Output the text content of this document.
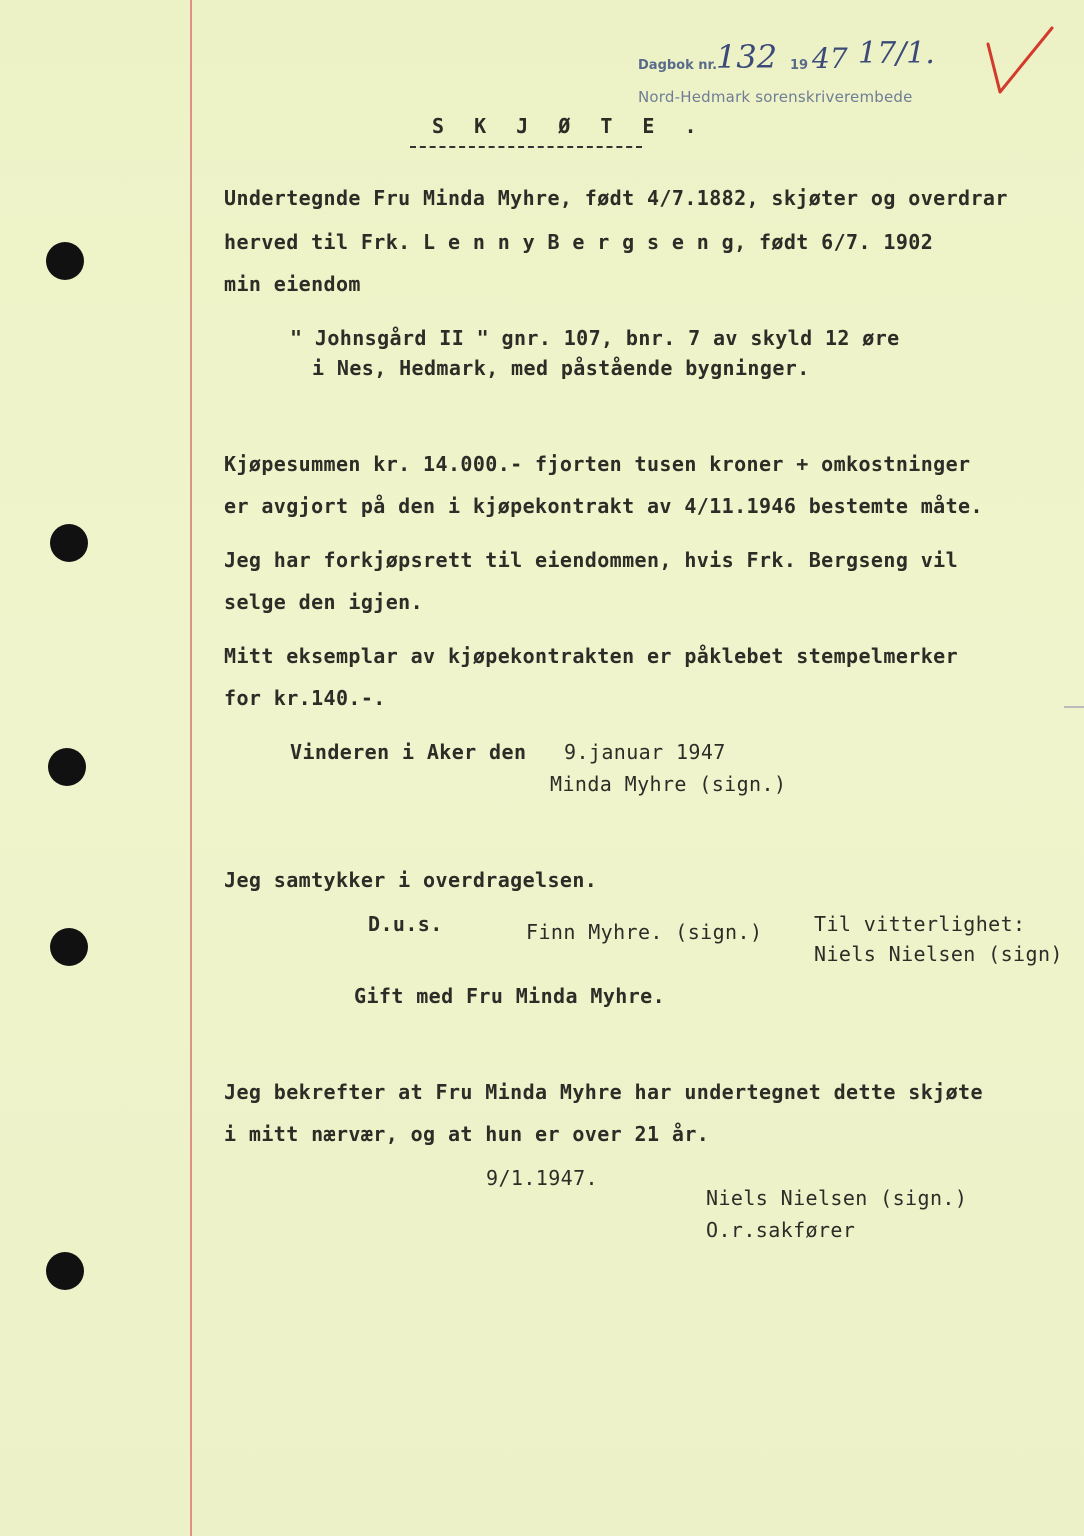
Dagbok nr.
132 19 47 17/1.
Nord-Hedmark sorenskriverembede
S K J Ø T E .
Undertegnde Fru Minda Myhre, født 4/7.1882, skjøter og overdrar
herved til Frk. L e n n y B e r g s e n g, født 6/7. 1902
min eiendom
" Johnsgård II " gnr. 107, bnr. 7 av skyld 12 øre
i Nes, Hedmark, med påstående bygninger.
Kjøpesummen kr. 14.000.- fjorten tusen kroner + omkostninger
er avgjort på den i kjøpekontrakt av 4/11.1946 bestemte måte.
Jeg har forkjøpsrett til eiendommen, hvis Frk. Bergseng vil
selge den igjen.
Mitt eksemplar av kjøpekontrakten er påklebet stempelmerker
for kr.140.-.
Vinderen i Aker den 9.januar 1947
Minda Myhre (sign.)
Jeg samtykker i overdragelsen.
D.u.s.	Finn Myhre. (sign.)	Til vitterlighet:
Niels Nielsen (sign)
Gift med Fru Minda Myhre.
Jeg bekrefter at Fru Minda Myhre har undertegnet dette skjøte
i mitt nærvær, og at hun er over 21 år.
9/1.1947.
Niels Nielsen (sign.)
O.r.sakfører
